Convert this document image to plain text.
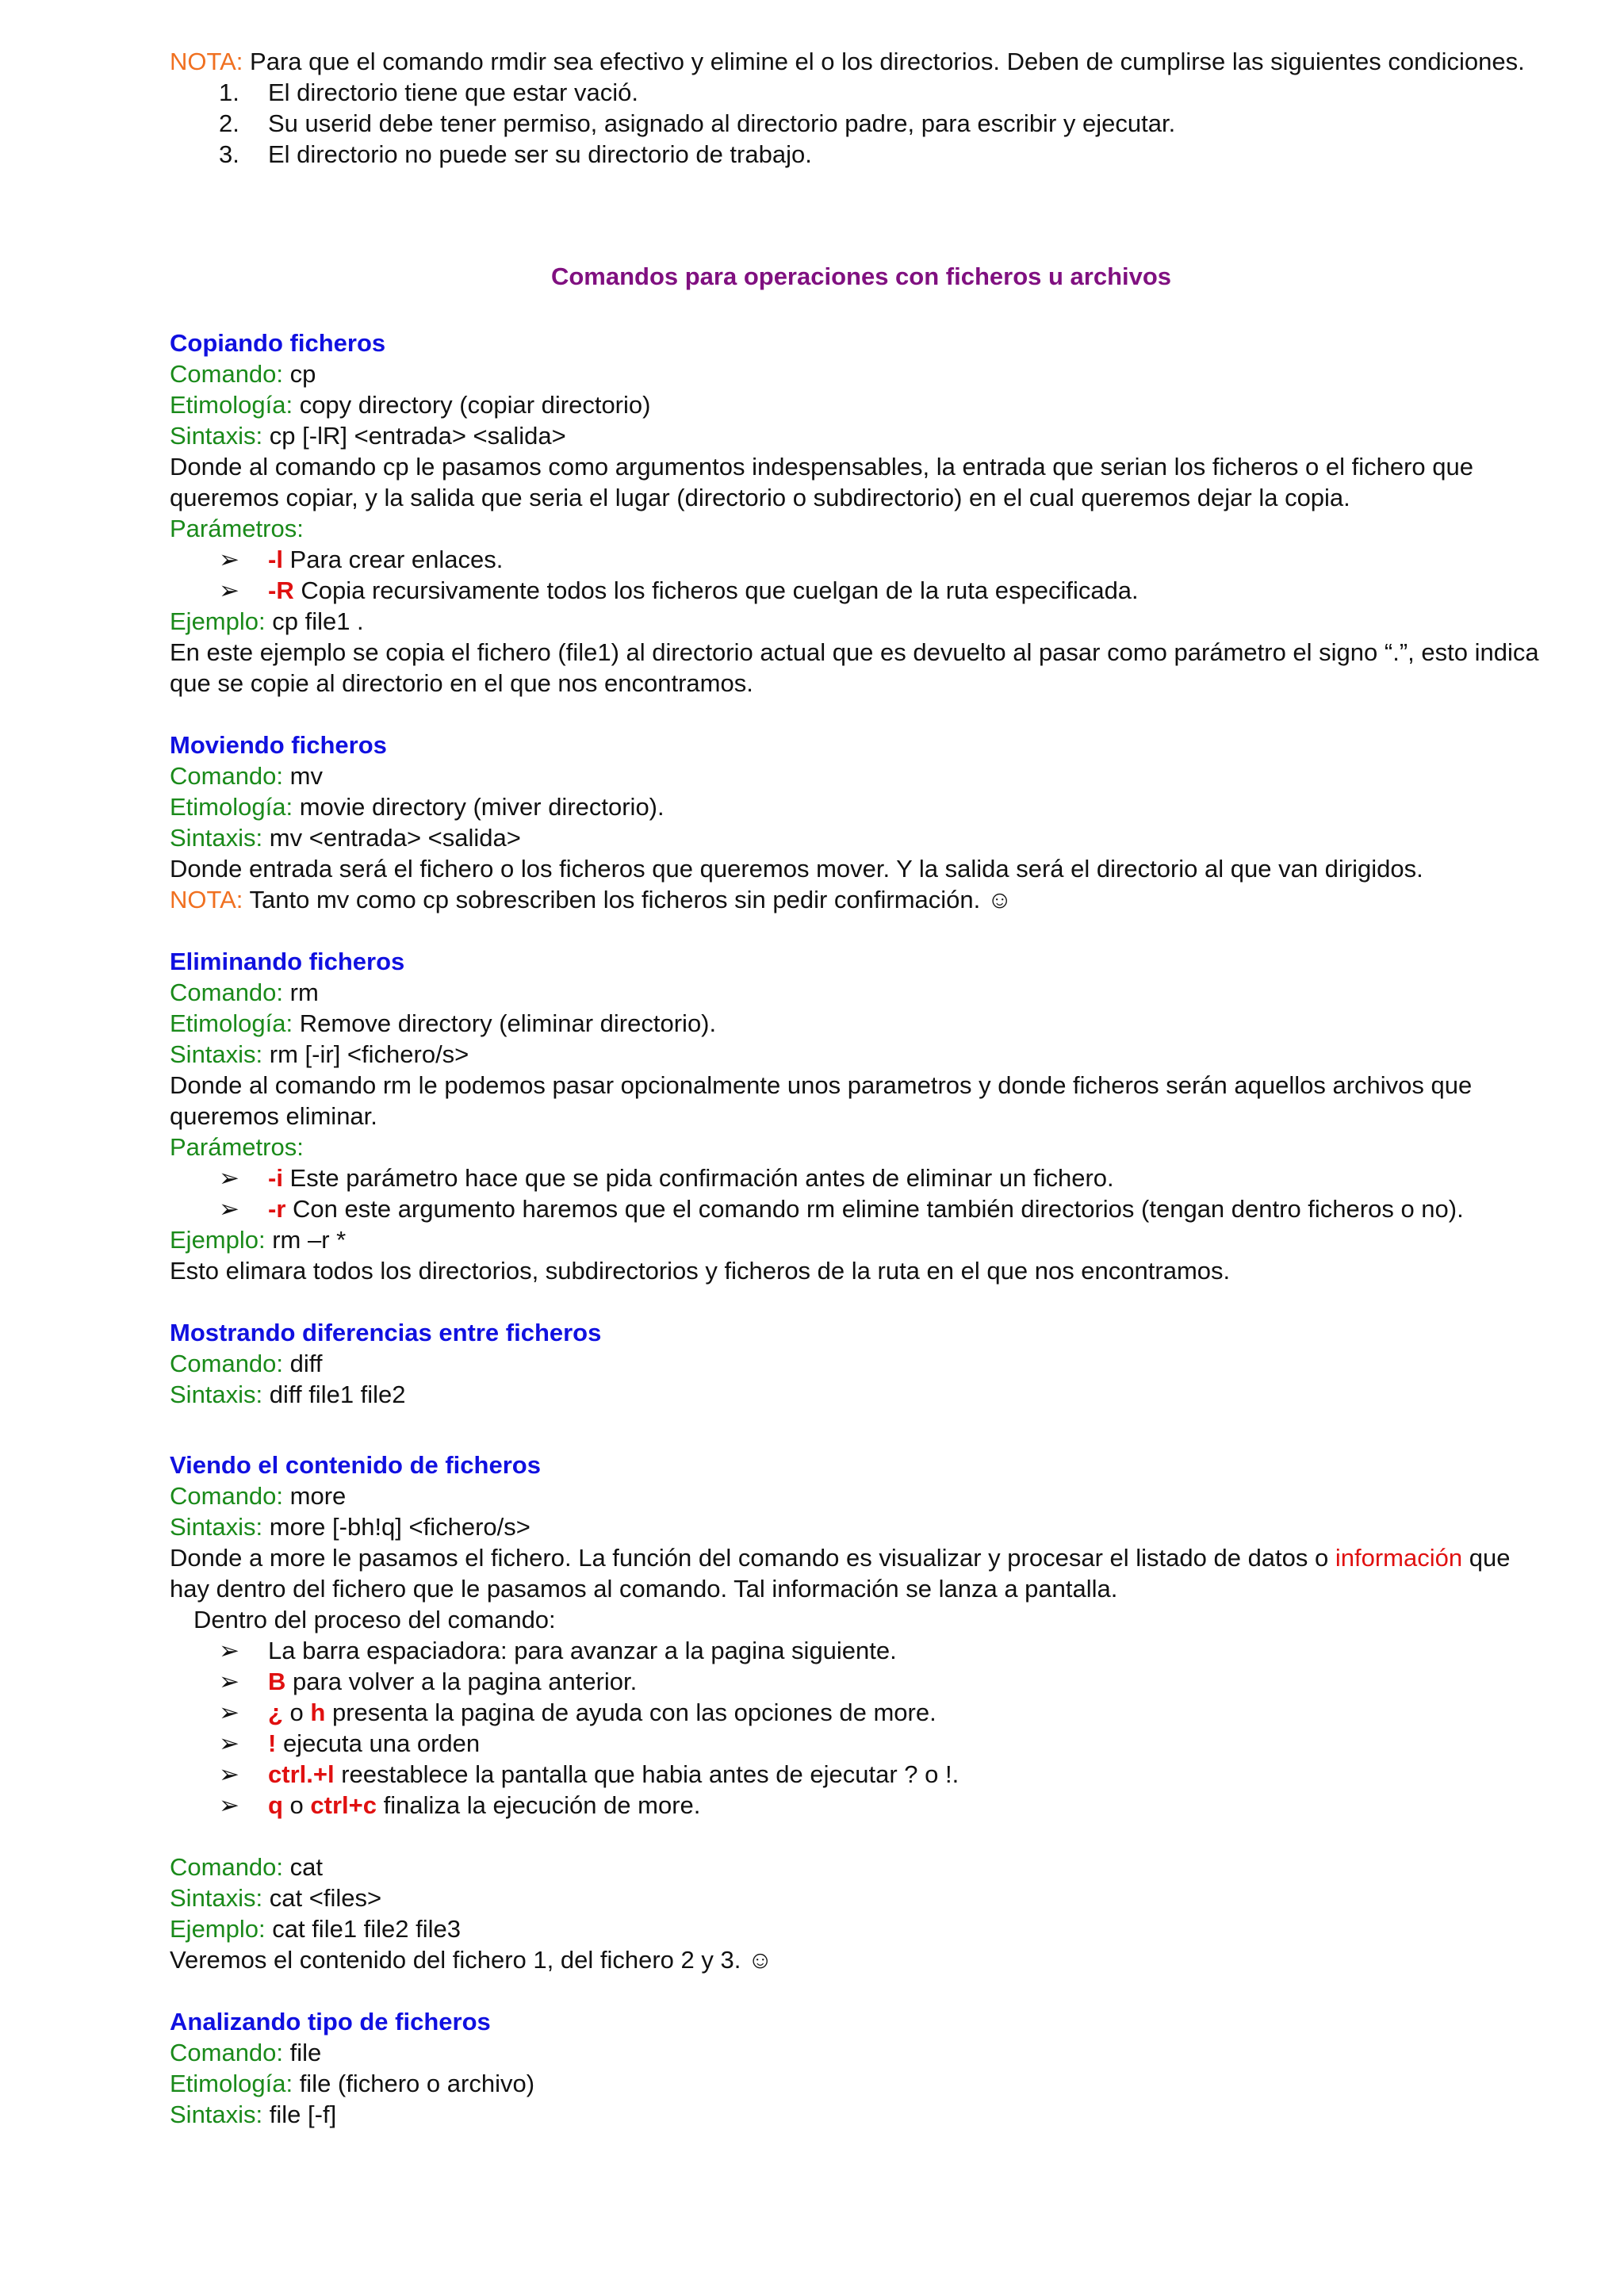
NOTA: Para que el comando rmdir sea efectivo y elimine el o los directorios. Deben de cumplirse las siguientes condiciones.

1. El directorio tiene que estar vació.
2. Su userid debe tener permiso, asignado al directorio padre, para escribir y ejecutar.
3. El directorio no puede ser su directorio de trabajo.

Comandos para operaciones con ficheros u archivos

Copiando ficheros

Comando: cp

Etimología: copy directory (copiar directorio)

Sintaxis: cp [-lR] <entrada> <salida>

Donde al comando cp le pasamos como argumentos indespensables, la entrada que serian los ficheros o el fichero que queremos copiar, y la salida que seria el lugar (directorio o subdirectorio) en el cual queremos dejar la copia.

Parámetros:

➢ -l Para crear enlaces.
➢ -R Copia recursivamente todos los ficheros que cuelgan de la ruta especificada.

Ejemplo: cp file1 .

En este ejemplo se copia el fichero (file1) al directorio actual que es devuelto al pasar como parámetro el signo “.”, esto indica que se copie al directorio en el que nos encontramos.

Moviendo ficheros

Comando: mv

Etimología: movie directory (miver directorio).

Sintaxis: mv <entrada> <salida>

Donde entrada será el fichero o los ficheros que queremos mover. Y la salida será el directorio al que van dirigidos.

NOTA: Tanto mv como cp sobrescriben los ficheros sin pedir confirmación. ☺

Eliminando ficheros

Comando: rm

Etimología: Remove directory (eliminar directorio).

Sintaxis: rm [-ir] <fichero/s>

Donde al comando rm le podemos pasar opcionalmente unos parametros y donde ficheros serán aquellos archivos que queremos eliminar.

Parámetros:

➢ -i Este parámetro hace que se pida confirmación antes de eliminar un fichero.
➢ -r Con este argumento haremos que el comando rm elimine también directorios (tengan dentro ficheros o no).

Ejemplo: rm –r *

Esto elimara todos los directorios, subdirectorios y ficheros de la ruta en el que nos encontramos.

Mostrando diferencias entre ficheros

Comando: diff

Sintaxis: diff file1 file2

Viendo el contenido de ficheros

Comando: more

Sintaxis: more [-bh!q] <fichero/s>

Donde a more le pasamos el fichero. La función del comando es visualizar y procesar el listado de datos o información que hay dentro del fichero que le pasamos al comando. Tal información se lanza a pantalla.

Dentro del proceso del comando:

➢ La barra espaciadora: para avanzar a la pagina siguiente.
➢ B para volver a la pagina anterior.
➢ ¿ o h presenta la pagina de ayuda con las opciones de more.
➢ ! ejecuta una orden
➢ ctrl.+l reestablece la pantalla que habia antes de ejecutar ? o !.
➢ q o ctrl+c finaliza la ejecución de more.

Comando: cat

Sintaxis: cat <files>

Ejemplo: cat file1 file2 file3

Veremos el contenido del fichero 1, del fichero 2 y 3. ☺

Analizando tipo de ficheros

Comando: file

Etimología: file (fichero o archivo)

Sintaxis: file [-f]
